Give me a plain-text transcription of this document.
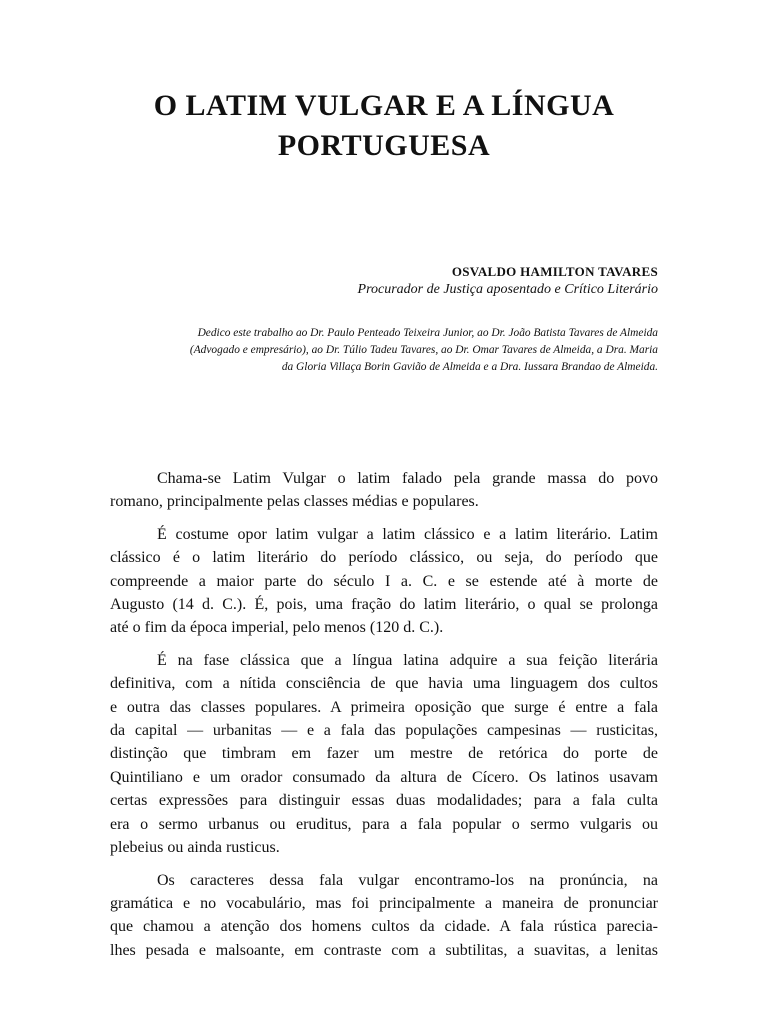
O LATIM VULGAR E A LÍNGUA
PORTUGUESA
OSVALDO HAMILTON TAVARES
Procurador de Justiça aposentado e Crítico Literário
Dedico este trabalho ao Dr. Paulo Penteado Teixeira Junior, ao Dr. João Batista Tavares de Almeida
(Advogado e empresário), ao Dr. Túlio Tadeu Tavares, ao Dr. Omar Tavares de Almeida, a Dra. Maria
da Gloria Villaça Borin Gavião de Almeida e a Dra. Iussara Brandao de Almeida.

Chama-se Latim Vulgar o latim falado pela grande massa do povo
romano, principalmente pelas classes médias e populares.

É costume opor latim vulgar a latim clássico e a latim literário. Latim
clássico é o latim literário do período clássico, ou seja, do período que
compreende a maior parte do século I a. C. e se estende até à morte de
Augusto (14 d. C.). É, pois, uma fração do latim literário, o qual se prolonga
até o fim da época imperial, pelo menos (120 d. C.).

É na fase clássica que a língua latina adquire a sua feição literária
definitiva, com a nítida consciência de que havia uma linguagem dos cultos
e outra das classes populares. A primeira oposição que surge é entre a fala
da capital — urbanitas — e a fala das populações campesinas — rusticitas,
distinção que timbram em fazer um mestre de retórica do porte de
Quintiliano e um orador consumado da altura de Cícero. Os latinos usavam
certas expressões para distinguir essas duas modalidades; para a fala culta
era o sermo urbanus ou eruditus, para a fala popular o sermo vulgaris ou
plebeius ou ainda rusticus.

Os caracteres dessa fala vulgar encontramo-los na pronúncia, na
gramática e no vocabulário, mas foi principalmente a maneira de pronunciar
que chamou a atenção dos homens cultos da cidade. A fala rústica parecia-
lhes pesada e malsoante, em contraste com a subtilitas, a suavitas, a lenitas
